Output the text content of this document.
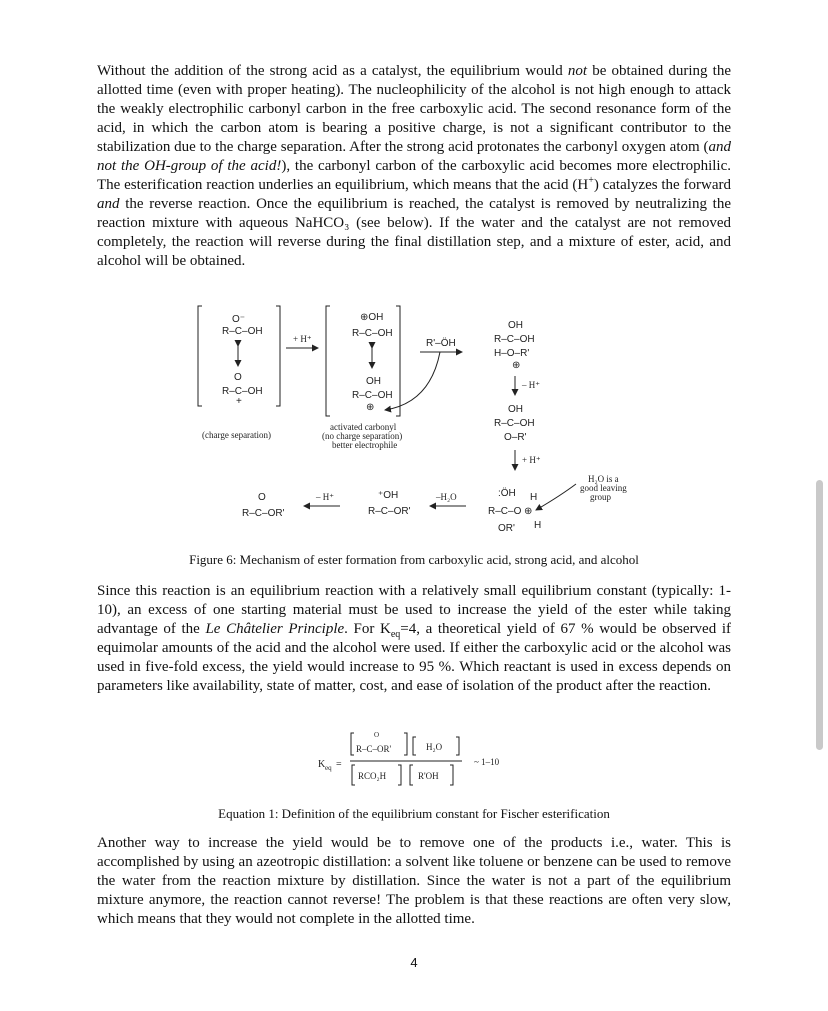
Without the addition of the strong acid as a catalyst, the equilibrium would not be obtained during the allotted time (even with proper heating). The nucleophilicity of the alcohol is not high enough to attack the weakly electrophilic carbonyl carbon in the free carboxylic acid. The second resonance form of the acid, in which the carbon atom is bearing a positive charge, is not a significant contributor to the stabilization due to the charge separation. After the strong acid protonates the carbonyl oxygen atom (and not the OH-group of the acid!), the carbonyl carbon of the carboxylic acid becomes more electrophilic. The esterification reaction underlies an equilibrium, which means that the acid (H+) catalyzes the forward and the reverse reaction. Once the equilibrium is reached, the catalyst is removed by neutralizing the reaction mixture with aqueous NaHCO₃ (see below). If the water and the catalyst are not removed completely, the reaction will reverse during the final distillation step, and a mixture of ester, acid, and alcohol will be obtained.

O⁻
R–C–OH
O
R–C–OH
+
(charge separation)
+ H⁺
⊕OH
R–C–OH
OH
R–C–OH
⊕
activated carbonyl
(no charge separation)
better electrophile
R'–ÖH
OH
R–C–OH
H–O–R'
⊕
– H⁺
OH
R–C–OH
O–R'
+ H⁺
:ÖH
R–C–O
H
H
⊕
OR'
H₂O is a
good leaving
group
–H₂O
⁺OH
R–C–OR'
– H⁺
O
R–C–OR'

Figure 6: Mechanism of ester formation from carboxylic acid, strong acid, and alcohol

Since this reaction is an equilibrium reaction with a relatively small equilibrium constant (typically: 1-10), an excess of one starting material must be used to increase the yield of the ester while taking advantage of the Le Châtelier Principle. For $K_{eq}=4$, a theoretical yield of 67 % would be observed if equimolar amounts of the acid and the alcohol were used. If either the carboxylic acid or the alcohol was used in five-fold excess, the yield would increase to 95 %. Which reactant is used in excess depends on parameters like availability, state of matter, cost, and ease of isolation of the product after the reaction.

K eq =
O
R–C–OR'	H₂O
RCO₂H	R'OH
~ 1–10

Equation 1: Definition of the equilibrium constant for Fischer esterification

Another way to increase the yield would be to remove one of the products i.e., water. This is accomplished by using an azeotropic distillation: a solvent like toluene or benzene can be used to remove the water from the reaction mixture by distillation. Since the water is not a part of the equilibrium mixture anymore, the reaction cannot reverse! The problem is that these reactions are often very slow, which means that they would not complete in the allotted time.

4
